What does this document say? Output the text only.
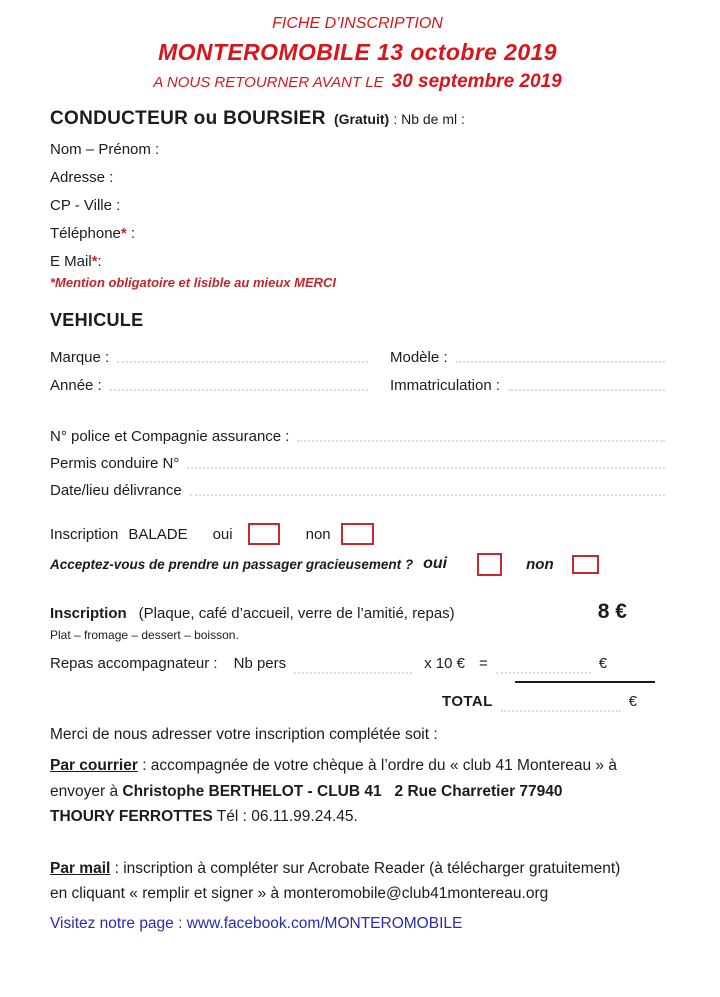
FICHE D’INSCRIPTION
MONTEROMOBILE 13 octobre 2019
A NOUS RETOURNER AVANT LE 30 septembre 2019
CONDUCTEUR ou BOURSIER (Gratuit) : Nb de ml :
Nom – Prénom :
Adresse :
CP - Ville :
Téléphone* :
E Mail*:
*Mention obligatoire et lisible au mieux MERCI
VEHICULE
Marque :	Modèle :
Année :	Immatriculation :
N° police et Compagnie assurance :
Permis conduire N°
Date/lieu délivrance
Inscription BALADE oui	non
Acceptez-vous de prendre un passager gracieusement ? oui	non
Inscription (Plaque, café d’accueil, verre de l’amitié, repas)	8 €
Plat – fromage – dessert – boisson.
Repas accompagnateur : Nb pers	x 10 € =	€
TOTAL	€
Merci de nous adresser votre inscription complétée soit :

Par courrier : accompagnée de votre chèque à l’ordre du « club 41 Montereau » à envoyer à Christophe BERTHELOT - CLUB 41   2 Rue Charretier 77940 THOURY FERROTTES Tél : 06.11.99.24.45.

Par mail : inscription à compléter sur Acrobate Reader (à télécharger gratuitement) en cliquant « remplir et signer » à monteromobile@club41montereau.org

Visitez notre page : www.facebook.com/MONTEROMOBILE
